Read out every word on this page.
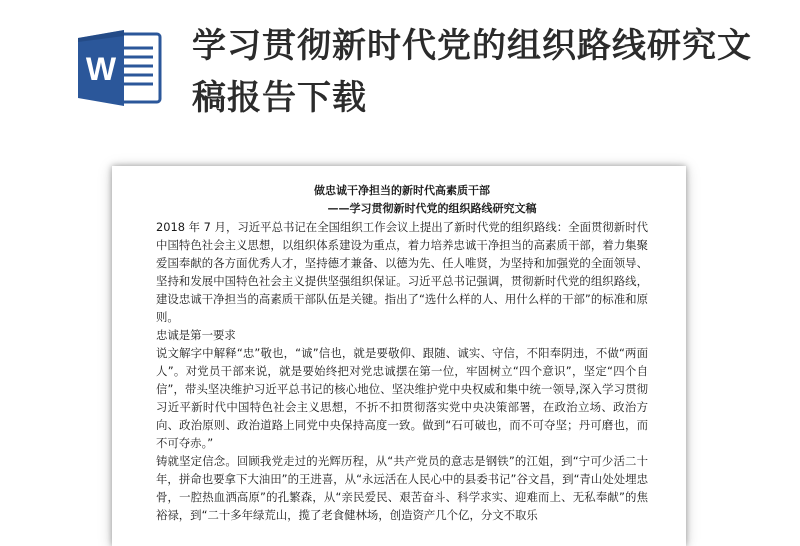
W
学习贯彻新时代党的组织路线研究文稿报告下载

做忠诚干净担当的新时代高素质干部

——学习贯彻新时代党的组织路线研究文稿

2018 年 7 月，习近平总书记在全国组织工作会议上提出了新时代党的组织路线：全面贯彻新时代中国特色社会主义思想，以组织体系建设为重点，着力培养忠诚干净担当的高素质干部，着力集聚爱国奉献的各方面优秀人才，坚持德才兼备、以德为先、任人唯贤，为坚持和加强党的全面领导、坚持和发展中国特色社会主义提供坚强组织保证。习近平总书记强调，贯彻新时代党的组织路线，建设忠诚干净担当的高素质干部队伍是关键。指出了“选什么样的人、用什么样的干部”的标准和原则。

忠诚是第一要求

说文解字中解释“忠”敬也，“诚”信也，就是要敬仰、跟随、诚实、守信，不阳奉阴违，不做“两面人”。对党员干部来说，就是要始终把对党忠诚摆在第一位，牢固树立“四个意识”，坚定“四个自信”，带头坚决维护习近平总书记的核心地位、坚决维护党中央权威和集中统一领导,深入学习贯彻习近平新时代中国特色社会主义思想，不折不扣贯彻落实党中央决策部署，在政治立场、政治方向、政治原则、政治道路上同党中央保持高度一致。做到“石可破也，而不可夺坚；丹可磨也，而不可夺赤。”

铸就坚定信念。回顾我党走过的光辉历程，从“共产党员的意志是钢铁”的江姐，到“宁可少活二十年，拼命也要拿下大油田”的王进喜，从“永远活在人民心中的县委书记”谷文昌，到“青山处处埋忠骨，一腔热血洒高原”的孔繁森，从“亲民爱民、艰苦奋斗、科学求实、迎难而上、无私奉献”的焦裕禄，到“二十多年绿荒山，揽了老食健林场，创造资产几个亿，分文不取乐
